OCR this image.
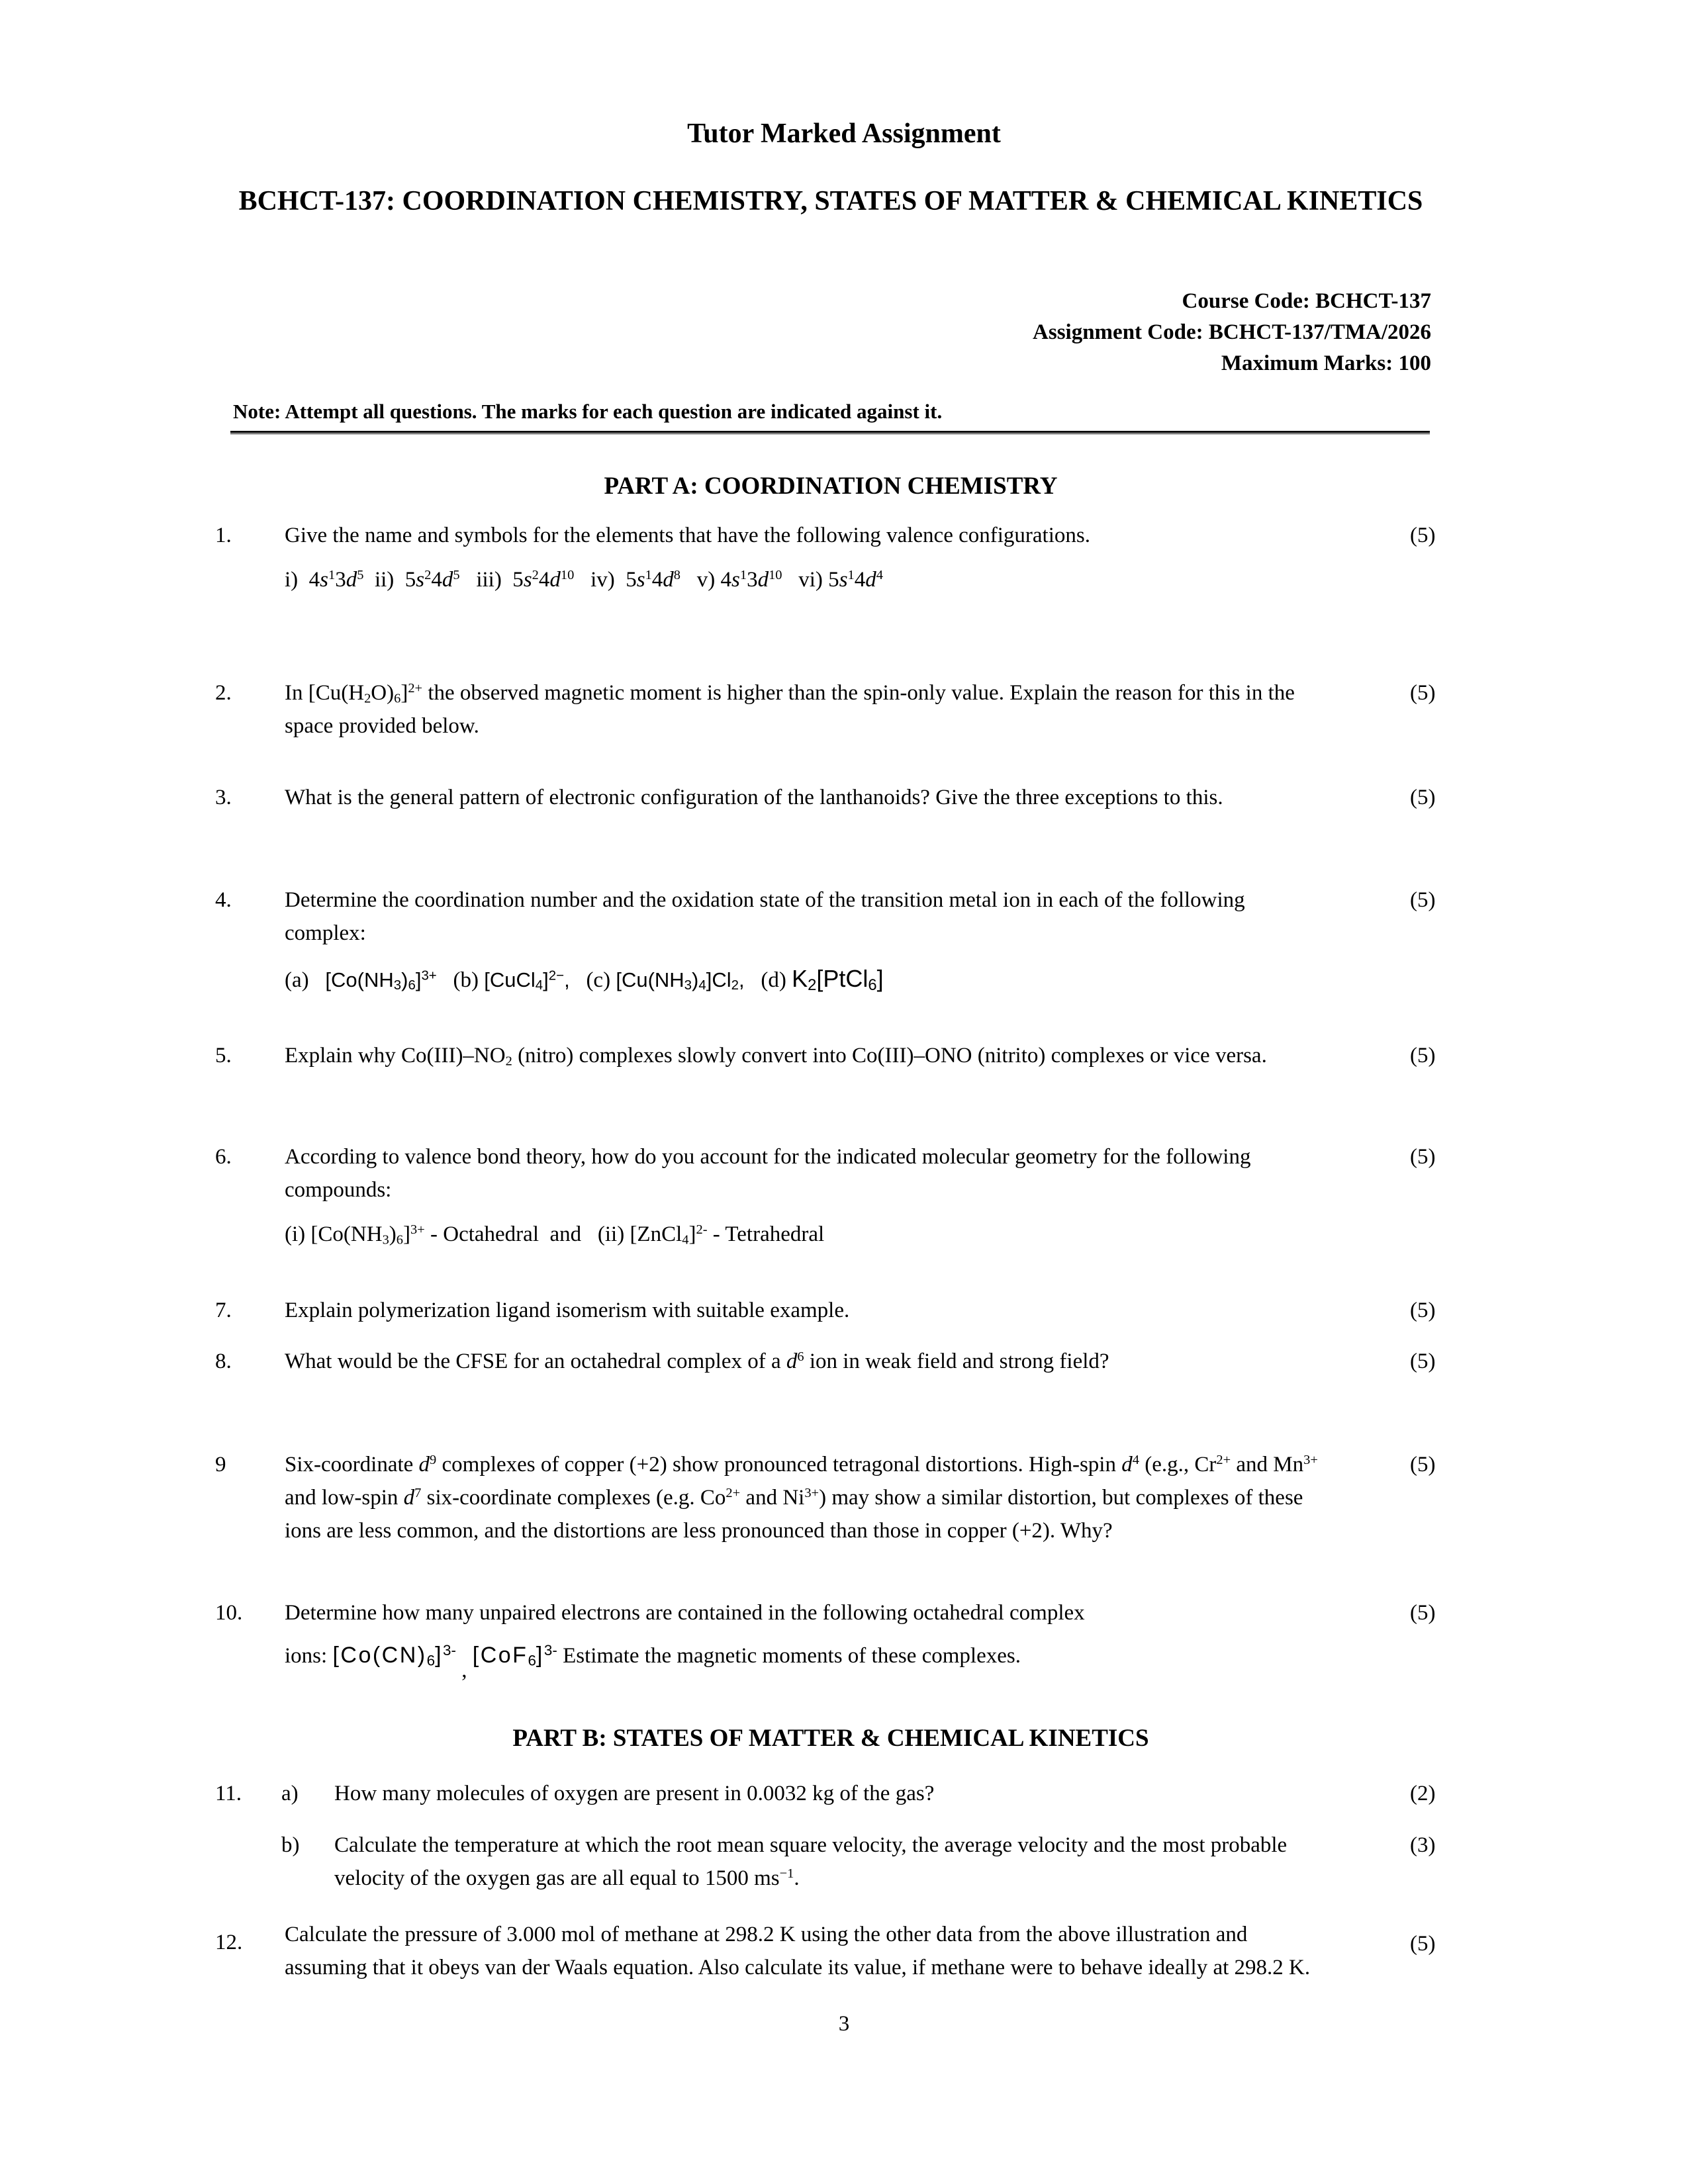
Tutor Marked Assignment
BCHCT-137: COORDINATION CHEMISTRY, STATES OF MATTER & CHEMICAL KINETICS
Course Code: BCHCT-137
Assignment Code: BCHCT-137/TMA/2026
Maximum Marks: 100
Note: Attempt all questions. The marks for each question are indicated against it.
PART A: COORDINATION CHEMISTRY
1.	(5)
Give the name and symbols for the elements that have the following valence configurations.
i)  $4s^13d^5$  ii)  $5s^24d^5$   iii)  $5s^24d^{10}$   iv)  $5s^14d^8$   v) $4s^13d^{10}$   vi) $5s^14d^4$
2.	(5)
In $[Cu(H_2O)_6]^{2+}$ the observed magnetic moment is higher than the spin-only value. Explain the reason for this in the space provided below.
3.	(5)
What is the general pattern of electronic configuration of the lanthanoids? Give the three exceptions to this.
4.	(5)
Determine the coordination number and the oxidation state of the transition metal ion in each of the following complex:
(a) $[Co(NH_3)_6]^{3+}$ (b) [CuCl$_4$]$^{2-}$, (c) $[Cu(NH_3)_4]Cl_2$, (d) $K_2[PtCl_6]$
5.	(5)
Explain why $Co(III)-NO_2$ (nitro) complexes slowly convert into Co(III)–ONO (nitrito) complexes or vice versa.
6.	(5)
According to valence bond theory, how do you account for the indicated molecular geometry for the following compounds:
(i) $[Co(NH_3)_6]^{3+}$ - Octahedral  and   (ii) [ZnCl$_4$]$^{2-}$ - Tetrahedral
7.	(5)
Explain polymerization ligand isomerism with suitable example.
8.	(5)
What would be the CFSE for an octahedral complex of a $d^6$ ion in weak field and strong field?
9	(5)
Six-coordinate $d^9$ complexes of copper (+2) show pronounced tetragonal distortions. High-spin $d^4$ (e.g., $Cr^{2+}$ and $Mn^{3+}$ and low-spin $d^7$ six-coordinate complexes (e.g. $Co^{2+}$ and $Ni^{3+}$) may show a similar distortion, but complexes of these ions are less common, and the distortions are less pronounced than those in copper (+2). Why?
10.	(5)
Determine how many unpaired electrons are contained in the following octahedral complex
ions: $[Co(CN)_6]^{3-}$ , $[CoF_6]^{3-}$ Estimate the magnetic moments of these complexes.
PART B: STATES OF MATTER & CHEMICAL KINETICS
11.	a)	(2)
How many molecules of oxygen are present in 0.0032 kg of the gas?
b)	(3)
Calculate the temperature at which the root mean square velocity, the average velocity and the most probable velocity of the oxygen gas are all equal to 1500 $ms^{-1}$.
12.	(5)
Calculate the pressure of 3.000 mol of methane at 298.2 K using the other data from the above illustration and assuming that it obeys van der Waals equation. Also calculate its value, if methane were to behave ideally at 298.2 K.
3
